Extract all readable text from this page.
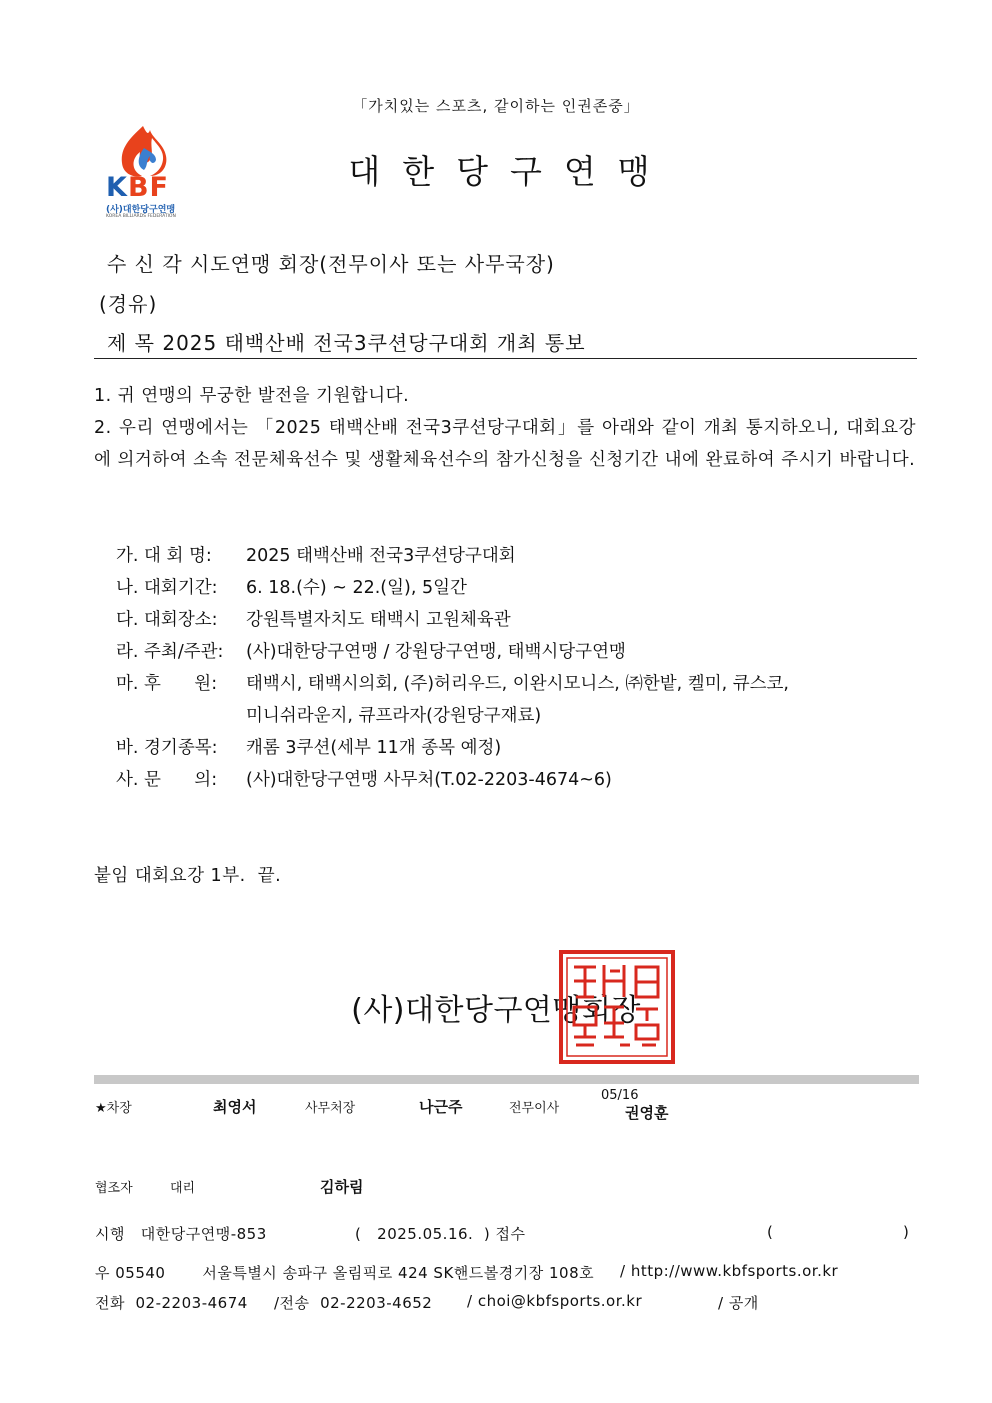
「가치있는 스포츠, 같이하는 인권존중」
KBF
(사)대한당구연맹
KOREA BILLIARDS FEDERATION
대한당구연맹
수 신 각 시도연맹 회장(전무이사 또는 사무국장)
(경유)
제 목 2025 태백산배 전국3쿠션당구대회 개최 통보
1. 귀 연맹의 무궁한 발전을 기원합니다.
2. 우리 연맹에서는 「2025 태백산배 전국3쿠션당구대회」를 아래와 같이 개최 통지하오니, 대회요강에 의거하여 소속 전문체육선수 및 생활체육선수의 참가신청을 신청기간 내에 완료하여 주시기 바랍니다.
가. 대 회 명: 2025 태백산배 전국3쿠션당구대회
나. 대회기간: 6. 18.(수) ~ 22.(일), 5일간
다. 대회장소: 강원특별자치도 태백시 고원체육관
라. 주최/주관: (사)대한당구연맹 / 강원당구연맹, 태백시당구연맹
마. 후      원: 태백시, 태백시의회, (주)허리우드, 이완시모니스, ㈜한밭, 켈미, 큐스코,
미니쉬라운지, 큐프라자(강원당구재료)
바. 경기종목: 캐롬 3쿠션(세부 11개 종목 예정)
사. 문      의: (사)대한당구연맹 사무처(T.02-2203-4674~6)
붙임 대회요강 1부.  끝.
(사)대한당구연맹회장
★차장	최영서	사무처장	나근주	전무이사
05/16
권영훈
협조자	대리	김하림
시행   대한당구연맹-853	(   2025.05.16.  ) 접수	(	)
우 05540       서울특별시 송파구 올림픽로 424 SK핸드볼경기장 108호 / http://www.kbfsports.or.kr
전화  02-2203-4674 /전송  02-2203-4652 / choi@kbfsports.or.kr	/ 공개
